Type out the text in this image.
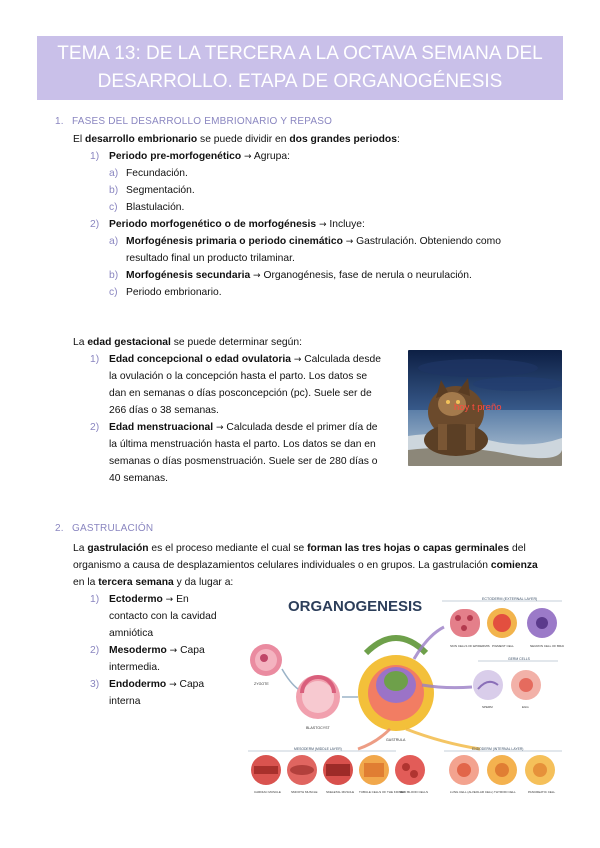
TEMA 13: DE LA TERCERA A LA OCTAVA SEMANA DEL
DESARROLLO. ETAPA DE ORGANOGÉNESIS
1. FASES DEL DESARROLLO EMBRIONARIO Y REPASO
El desarrollo embrionario se puede dividir en dos grandes periodos:
1) Periodo pre-morfogenético → Agrupa:
a) Fecundación.
b) Segmentación.
c) Blastulación.
2) Periodo morfogenético o de morfogénesis → Incluye:
a) Morfogénesis primaria o periodo cinemático → Gastrulación. Obteniendo como
resultado final un producto trilaminar.
b) Morfogénesis secundaria → Organogénesis, fase de nerula o neurulación.
c) Periodo embrionario.
La edad gestacional se puede determinar según:
1) Edad concepcional o edad ovulatoria → Calculada desde
la ovulación o la concepción hasta el parto. Los datos se
dan en semanas o días posconcepción (pc). Suele ser de
266 días o 38 semanas.
2) Edad menstruacional → Calculada desde el primer día de
la última menstruación hasta el parto. Los datos se dan en
semanas o días posmenstruación. Suele ser de 280 días o
40 semanas.
hoy t preño
2. GASTRULACIÓN
La gastrulación es el proceso mediante el cual se forman las tres hojas o capas germinales del
organismo a causa de desplazamientos celulares individuales o en grupos. La gastrulación comienza
en la tercera semana y da lugar a:
1) Ectodermo → En
contacto con la cavidad
amniótica
2) Mesodermo → Capa
intermedia.
3) Endodermo → Capa
interna
ORGANOGENESIS	ECTODERM (EXTERNAL LAYER)
SKIN CELLS OF EPIDERMIS PIGMENT CELL	NEURON CELL OF BRAIN
GERM CELLS
SPERM	EGG
ZYGOTE
BLASTOCYST
GASTRULA
MESODERM (MIDDLE LAYER)
CARDIAC MUSCLE	SMOOTH MUSCLE	SKELETAL MUSCLE TUBULE CELLS OF THE KIDNEY
RED BLOOD CELLS
ENDODERM (INTERNAL LAYER)
LUNG CELL (ALVEOLAR CELL) THYROID CELL	PANCREATIC CELL
